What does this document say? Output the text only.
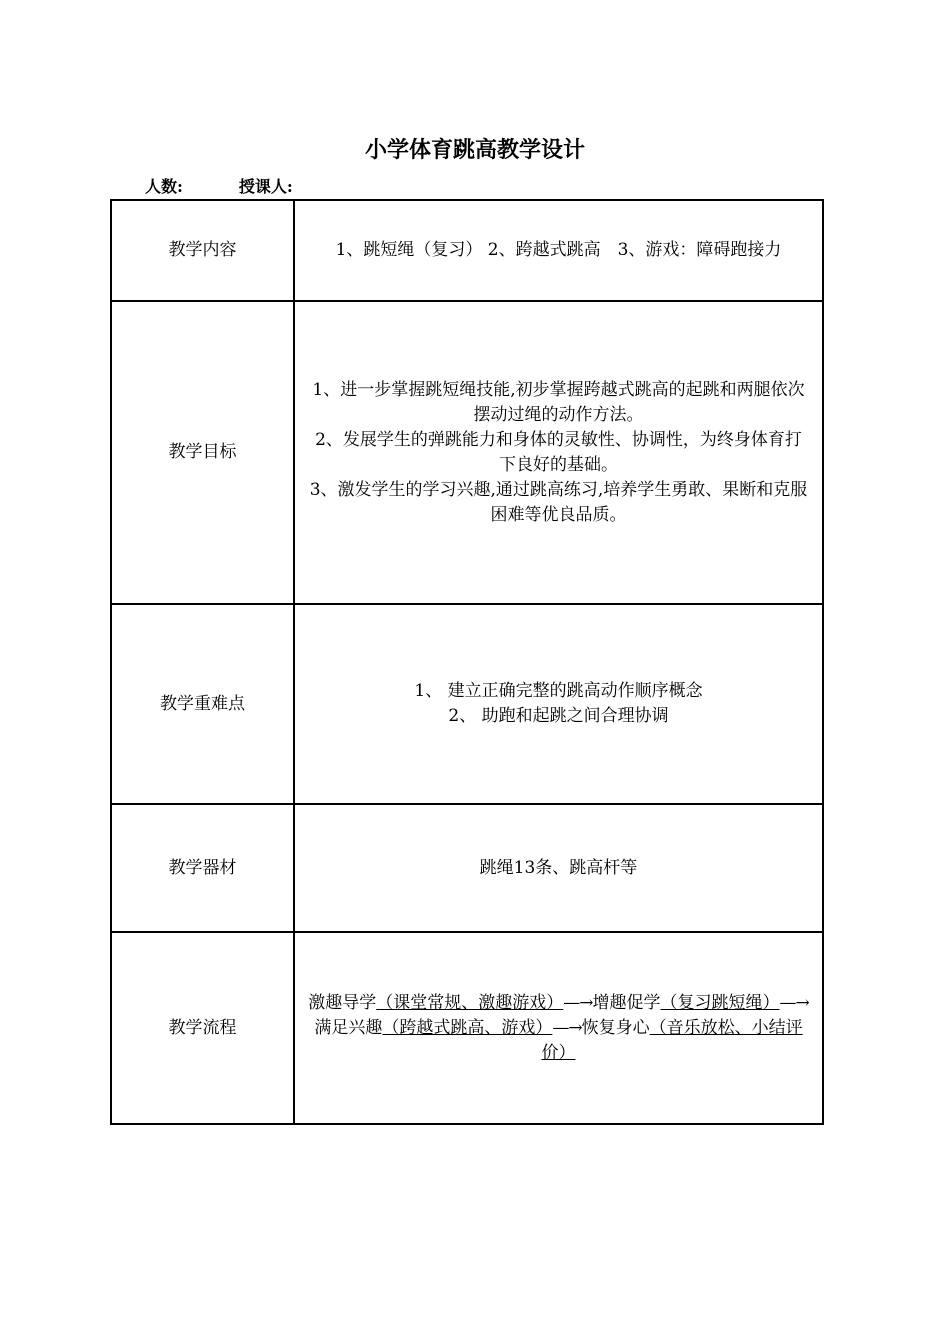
小学体育跳高教学设计
人数:	授课人:
教学内容	1、跳短绳（复习） 2、跨越式跳高　3、游戏：障碍跑接力
教学目标	1、进一步掌握跳短绳技能,初步掌握跨越式跳高的起跳和两腿依次摆动过绳的动作方法。
2、发展学生的弹跳能力和身体的灵敏性、协调性，为终身体育打下良好的基础。
3、激发学生的学习兴趣,通过跳高练习,培养学生勇敢、果断和克服困难等优良品质。

教学重难点	1、 建立正确完整的跳高动作顺序概念
2、 助跑和起跳之间合理协调

教学器材	跳绳13条、跳高杆等
教学流程	激趣导学（课堂常规、激趣游戏）—→增趣促学（复习跳短绳）—→满足兴趣（跨越式跳高、游戏）—→恢复身心（音乐放松、小结评价）
